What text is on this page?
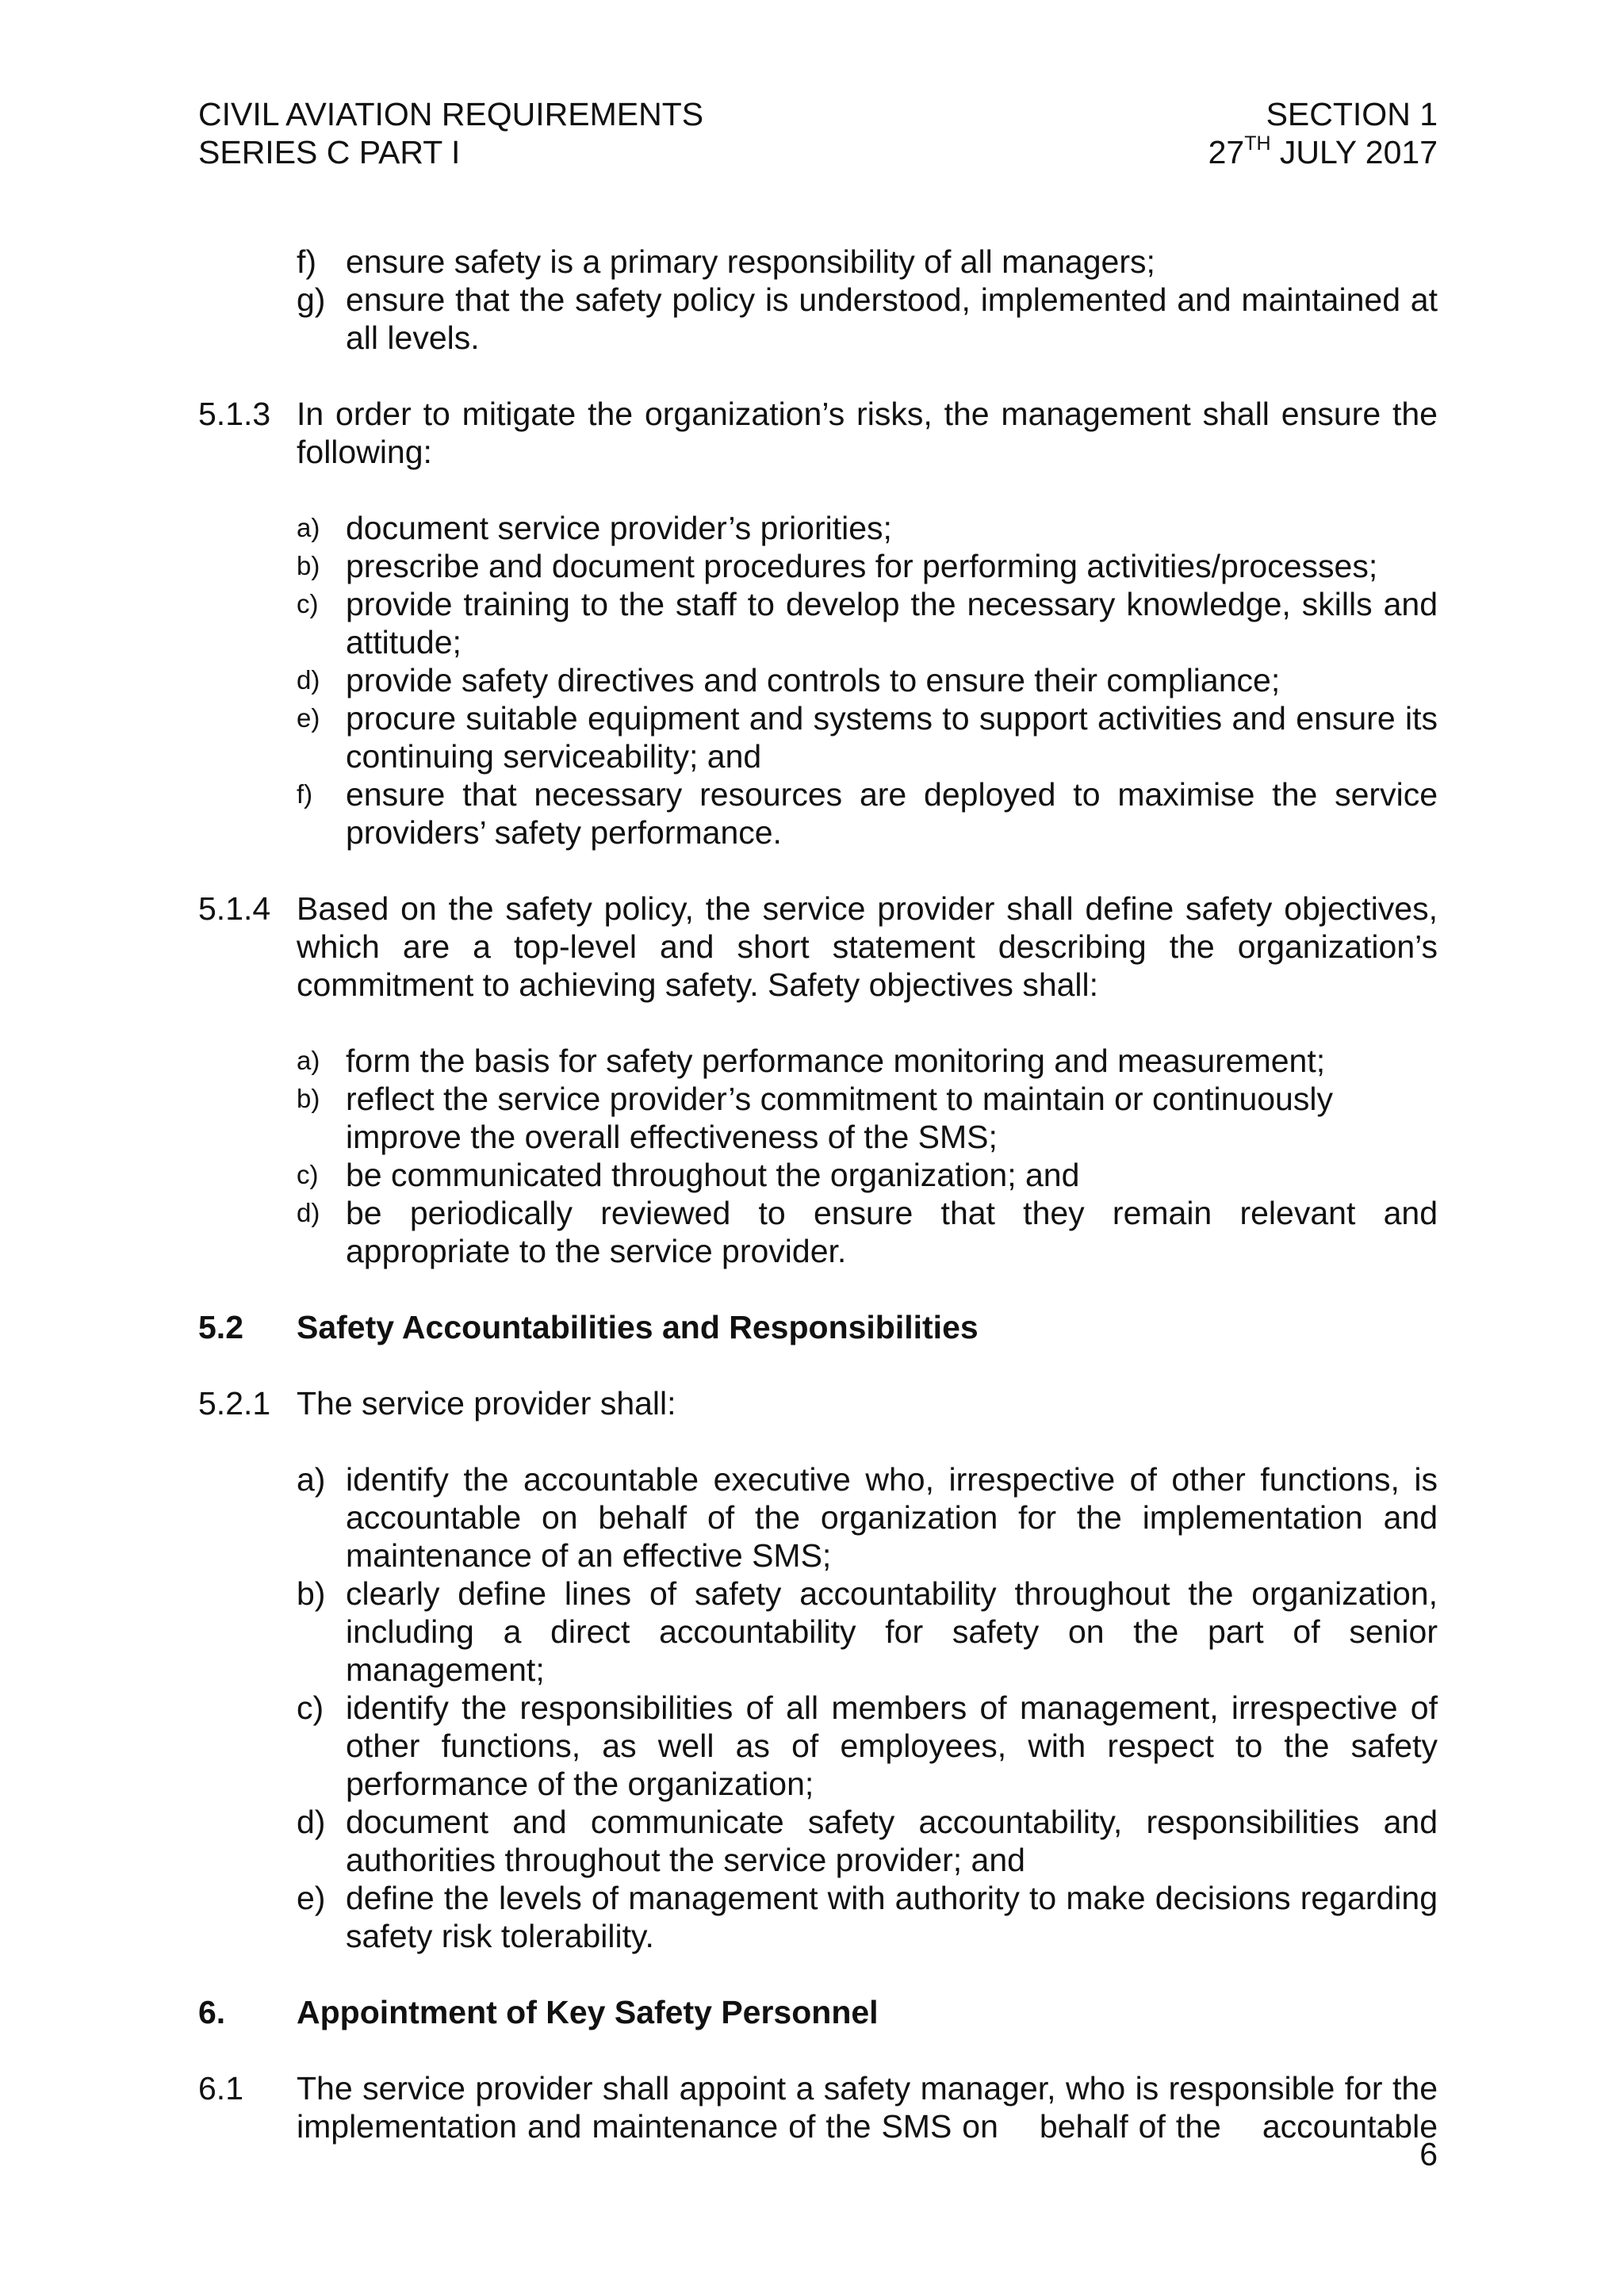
CIVIL AVIATION REQUIREMENTS
SERIES C PART I
SECTION 1
27TH JULY 2017
f) ensure safety is a primary responsibility of all managers;
g) ensure that the safety policy is understood, implemented and maintained at all levels.
5.1.3 In order to mitigate the organization’s risks, the management shall ensure the following:
a) document service provider’s priorities;
b) prescribe and document procedures for performing activities/processes;
c) provide training to the staff to develop the necessary knowledge, skills and attitude;
d) provide safety directives and controls to ensure their compliance;
e) procure suitable equipment and systems to support activities and ensure its continuing serviceability; and
f)	ensure that necessary resources are deployed to maximise the service providers’ safety performance.
5.1.4 Based on the safety policy, the service provider shall define safety objectives, which are a top-level and short statement describing the organization’s commitment to achieving safety. Safety objectives shall:
a) form the basis for safety performance monitoring and measurement;
b) reflect the service provider’s commitment to maintain or continuously improve the overall effectiveness of the SMS;
c) be communicated throughout the organization; and
d) be periodically reviewed to ensure that they remain relevant and appropriate to the service provider.
5.2	Safety Accountabilities and Responsibilities
5.2.1 The service provider shall:
a) identify the accountable executive who, irrespective of other functions, is accountable on behalf of the organization for the implementation and maintenance of an effective SMS;
b) clearly define lines of safety accountability throughout the organization, including a direct accountability for safety on the part of senior management;
c) identify the responsibilities of all members of management, irrespective of other functions, as well as of employees, with respect to the safety performance of the organization;
d) document and communicate safety accountability, responsibilities and authorities throughout the service provider; and
e) define the levels of management with authority to make decisions regarding safety risk tolerability.
6.	Appointment of Key Safety Personnel
6.1	The service provider shall appoint a safety manager, who is responsible for the implementation and maintenance of the SMS on    behalf of the    accountable
6
